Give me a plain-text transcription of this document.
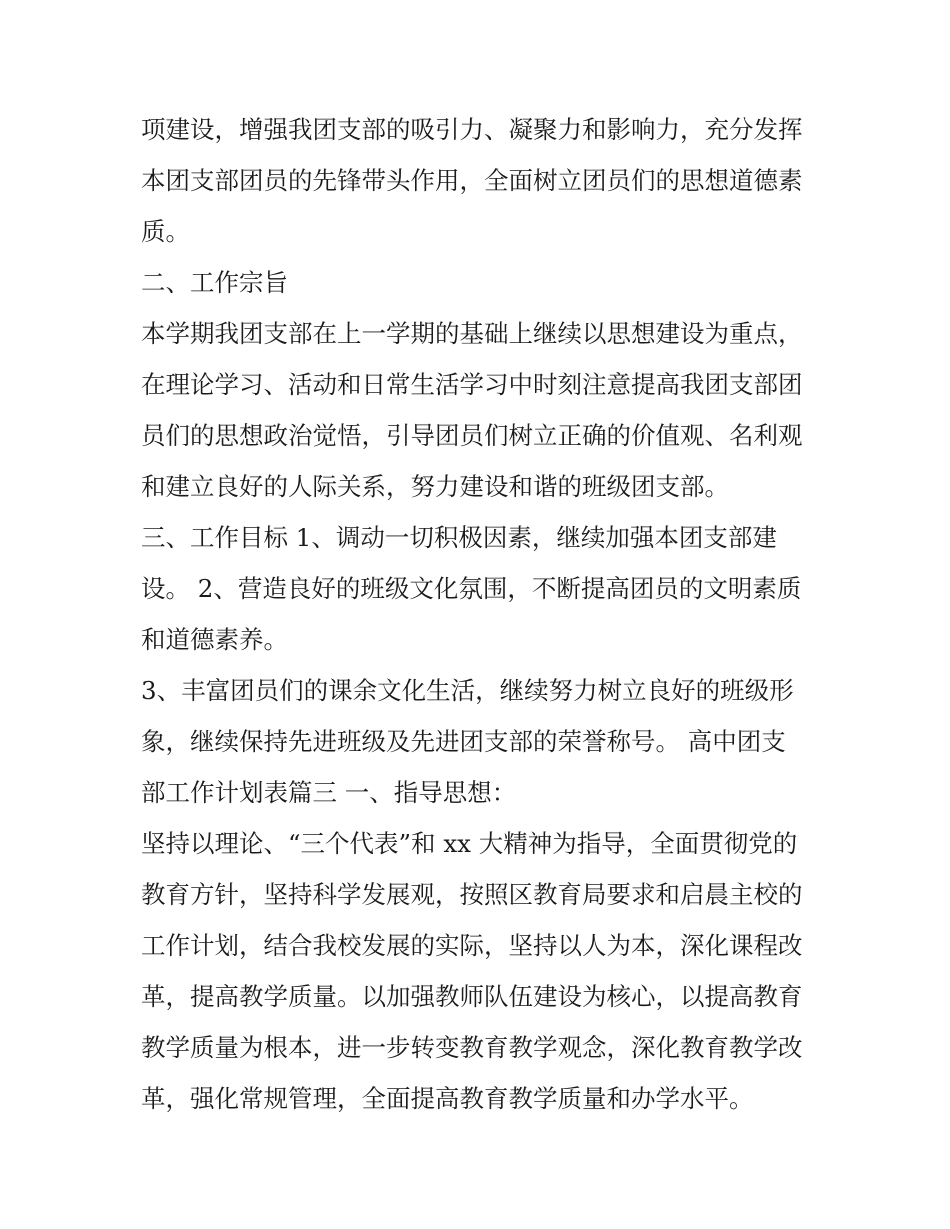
项建设，增强我团支部的吸引力、凝聚力和影响力，充分发挥
本团支部团员的先锋带头作用，全面树立团员们的思想道德素
质。
二、工作宗旨
本学期我团支部在上一学期的基础上继续以思想建设为重点，
在理论学习、活动和日常生活学习中时刻注意提高我团支部团
员们的思想政治觉悟，引导团员们树立正确的价值观、名利观
和建立良好的人际关系，努力建设和谐的班级团支部。
三、工作目标 1、调动一切积极因素，继续加强本团支部建
设。 2、营造良好的班级文化氛围，不断提高团员的文明素质
和道德素养。
3、丰富团员们的课余文化生活，继续努力树立良好的班级形
象，继续保持先进班级及先进团支部的荣誉称号。 高中团支
部工作计划表篇三 一、指导思想：
坚持以理论、“三个代表”和 xx 大精神为指导，全面贯彻党的
教育方针，坚持科学发展观，按照区教育局要求和启晨主校的
工作计划，结合我校发展的实际，坚持以人为本，深化课程改
革，提高教学质量。以加强教师队伍建设为核心，以提高教育
教学质量为根本，进一步转变教育教学观念，深化教育教学改
革，强化常规管理，全面提高教育教学质量和办学水平。
